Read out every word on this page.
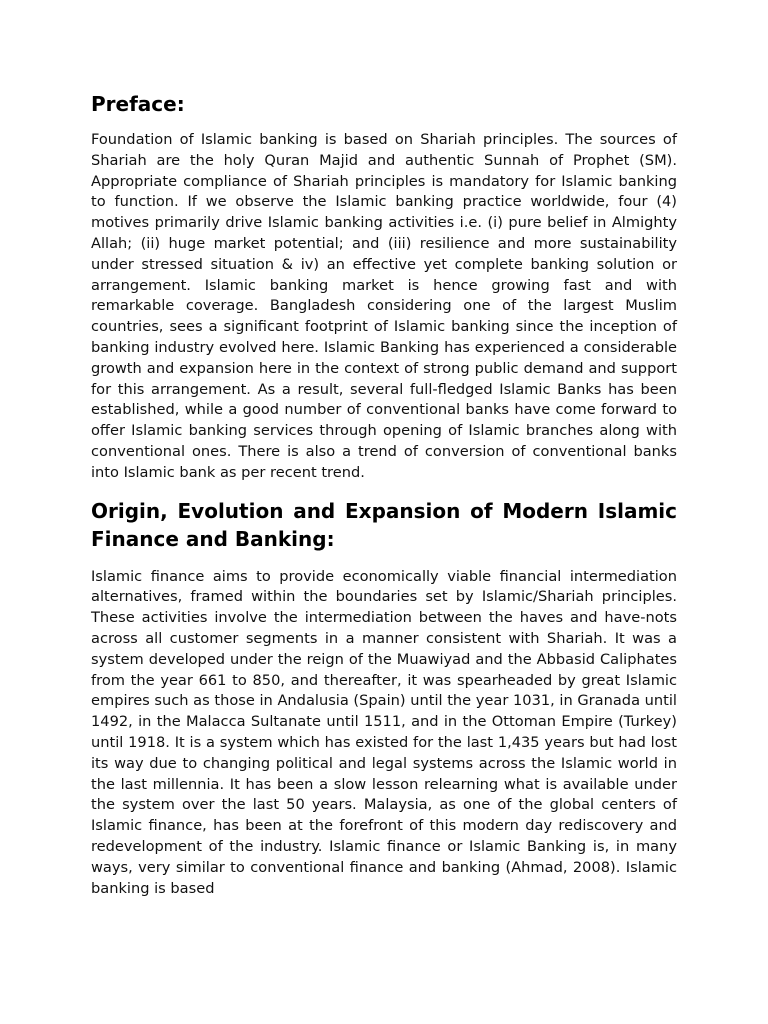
Preface:

Foundation of Islamic banking is based on Shariah principles. The sources of Shariah are the holy Quran Majid and authentic Sunnah of Prophet (SM). Appropriate compliance of Shariah principles is mandatory for Islamic banking to function. If we observe the Islamic banking practice worldwide, four (4) motives primarily drive Islamic banking activities i.e. (i) pure belief in Almighty Allah; (ii) huge market potential; and (iii) resilience and more sustainability under stressed situation & iv) an effective yet complete banking solution or arrangement. Islamic banking market is hence growing fast and with remarkable coverage. Bangladesh considering one of the largest Muslim countries, sees a significant footprint of Islamic banking since the inception of banking industry evolved here. Islamic Banking has experienced a considerable growth and expansion here in the context of strong public demand and support for this arrangement. As a result, several full-fledged Islamic Banks has been established, while a good number of conventional banks have come forward to offer Islamic banking services through opening of Islamic branches along with conventional ones. There is also a trend of conversion of conventional banks into Islamic bank as per recent trend.

Origin, Evolution and Expansion of Modern Islamic Finance and Banking:

Islamic finance aims to provide economically viable financial intermediation alternatives, framed within the boundaries set by Islamic/Shariah principles. These activities involve the intermediation between the haves and have-nots across all customer segments in a manner consistent with Shariah. It was a system developed under the reign of the Muawiyad and the Abbasid Caliphates from the year 661 to 850, and thereafter, it was spearheaded by great Islamic empires such as those in Andalusia (Spain) until the year 1031, in Granada until 1492, in the Malacca Sultanate until 1511, and in the Ottoman Empire (Turkey) until 1918. It is a system which has existed for the last 1,435 years but had lost its way due to changing political and legal systems across the Islamic world in the last millennia. It has been a slow lesson relearning what is available under the system over the last 50 years. Malaysia, as one of the global centers of Islamic finance, has been at the forefront of this modern day rediscovery and redevelopment of the industry. Islamic finance or Islamic Banking is, in many ways, very similar to conventional finance and banking (Ahmad, 2008). Islamic banking is based
